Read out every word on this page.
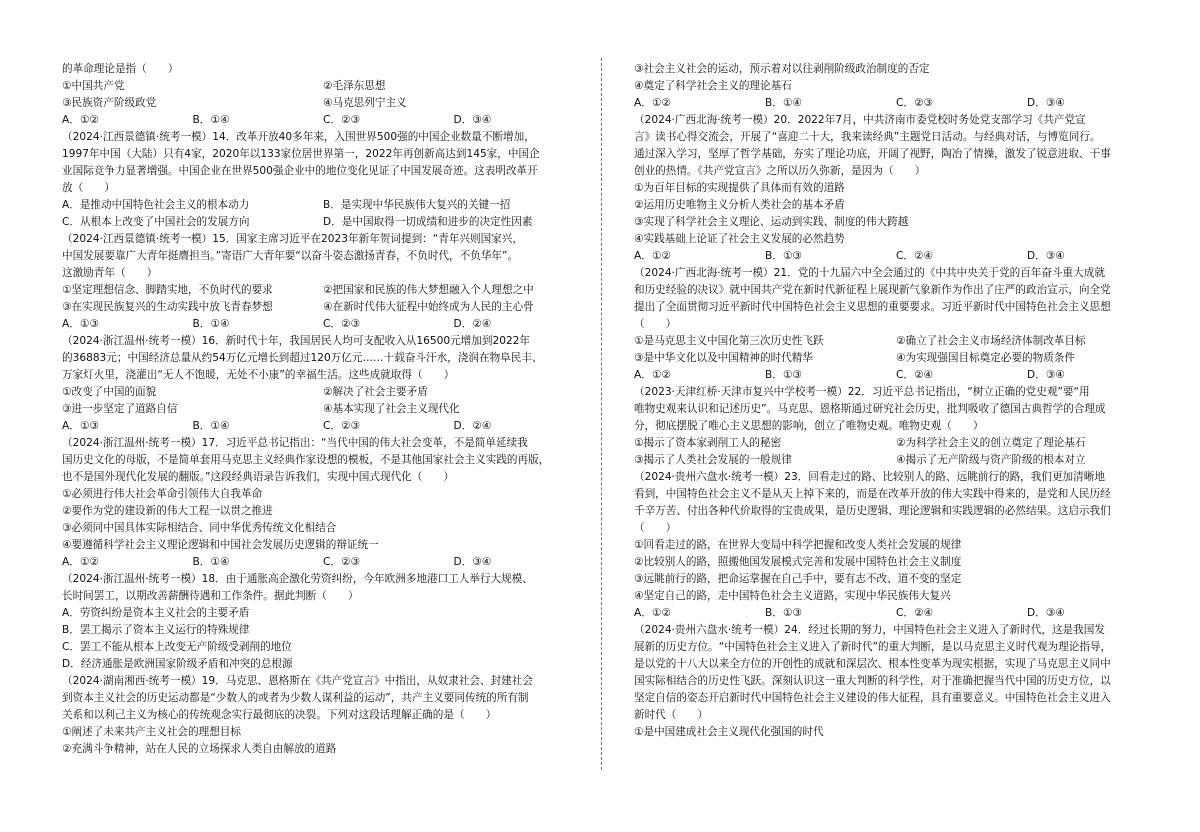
的革命理论是指（　　）
①中国共产党	②毛泽东思想
③民族资产阶级政党	④马克思列宁主义
A．①②	B．①④	C．②③	D．③④
（2024·江西景德镇·统考一模）14．改革开放40多年来，入围世界500强的中国企业数量不断增加，
1997年中国（大陆）只有4家，2020年以133家位居世界第一，2022年再创新高达到145家，中国企
业国际竞争力显著增强。中国企业在世界500强企业中的地位变化见证了中国发展奇迹。这表明改革开
放（　　）
A．是推动中国特色社会主义的根本动力	B．是实现中华民族伟大复兴的关键一招
C．从根本上改变了中国社会的发展方向	D．是中国取得一切成绩和进步的决定性因素
（2024·江西景德镇·统考一模）15．国家主席习近平在2023年新年贺词提到：“青年兴则国家兴，
中国发展要靠广大青年挺膺担当。”寄语广大青年要“以奋斗姿态激扬青春，不负时代，不负华年”。
这激励青年（　　）
①坚定理想信念、脚踏实地，不负时代的要求	②把国家和民族的伟大梦想融入个人理想之中
③在实现民族复兴的生动实践中放飞青春梦想	④在新时代伟大征程中始终成为人民的主心骨
A．①③	B．①④	C．②③	D．②④
（2024·浙江温州·统考一模）16．新时代十年，我国居民人均可支配收入从16500元增加到2022年
的36883元；中国经济总量从约54万亿元增长到超过120万亿元……十载奋斗汗水，浇润在物阜民丰、
万家灯火里，浇灌出“无人不饱暖，无处不小康”的幸福生活。这些成就取得（　　）
①改变了中国的面貌	②解决了社会主要矛盾
③进一步坚定了道路自信	④基本实现了社会主义现代化
A．①③	B．①④	C．②③	D．②④
（2024·浙江温州·统考一模）17．习近平总书记指出：“当代中国的伟大社会变革，不是简单延续我
国历史文化的母版，不是简单套用马克思主义经典作家设想的模板，不是其他国家社会主义实践的再版，
也不是国外现代化发展的翻版。”这段经典语录告诉我们，实现中国式现代化（　　）
①必须进行伟大社会革命引领伟大自我革命
②要作为党的建设新的伟大工程一以贯之推进
③必须同中国具体实际相结合、同中华优秀传统文化相结合
④要遵循科学社会主义理论逻辑和中国社会发展历史逻辑的辩证统一
A．①②	B．①④	C．②③	D．③④
（2024·浙江温州·统考一模）18．由于通胀高企激化劳资纠纷，今年欧洲多地港口工人举行大规模、
长时间罢工，以期改善薪酬待遇和工作条件。据此判断（　　）
A．劳资纠纷是资本主义社会的主要矛盾
B．罢工揭示了资本主义运行的特殊规律
C．罢工不能从根本上改变无产阶级受剥削的地位
D．经济通胀是欧洲国家阶级矛盾和冲突的总根源
（2024·湖南湘西·统考一模）19．马克思、恩格斯在《共产党宣言》中指出，从奴隶社会、封建社会
到资本主义社会的历史运动都是“少数人的或者为少数人谋利益的运动”，共产主义要同传统的所有制
关系和以利己主义为核心的传统观念实行最彻底的决裂。下列对这段话理解正确的是（　　）
①阐述了未来共产主义社会的理想目标
②充满斗争精神，站在人民的立场探求人类自由解放的道路
③社会主义社会的运动，预示着对以往剥削阶级政治制度的否定
④奠定了科学社会主义的理论基石
A．①②	B．①④	C．②③	D．③④
（2024·广西北海·统考一模）20．2022年7月，中共济南市委党校时务处党支部学习《共产党宣
言》读书心得交流会，开展了“喜迎二十大，我来读经典”主题党日活动。与经典对话，与博览同行。
通过深入学习，坚厚了哲学基础，夯实了理论功底，开阔了视野，陶冶了情操，激发了锐意进取、干事
创业的热情。《共产党宣言》之所以历久弥新，是因为（　　）
①为百年目标的实现提供了具体而有效的道路
②运用历史唯物主义分析人类社会的基本矛盾
③实现了科学社会主义理论、运动到实践、制度的伟大跨越
④实践基础上论证了社会主义发展的必然趋势
A．①②	B．①③	C．②④	D．③④
（2024·广西北海·统考一模）21．党的十九届六中全会通过的《中共中央关于党的百年奋斗重大成就
和历史经验的决议》就中国共产党在新时代新征程上展现新气象新作为作出了庄严的政治宣示，向全党
提出了全面贯彻习近平新时代中国特色社会主义思想的重要要求。习近平新时代中国特色社会主义思想
（　　）
①是马克思主义中国化第三次历史性飞跃	②确立了社会主义市场经济体制改革目标
③是中华文化以及中国精神的时代精华	④为实现强国目标奠定必要的物质条件
A．①②	B．①③	C．②④	D．③④
（2023·天津红桥·天津市复兴中学校考一模）22．习近平总书记指出，“树立正确的党史观”要“用
唯物史观来认识和记述历史”。马克思、恩格斯通过研究社会历史，批判吸收了德国古典哲学的合理成
分，彻底摆脱了唯心主义思想的影响，创立了唯物史观。唯物史观（　　）
①揭示了资本家剥削工人的秘密	②为科学社会主义的创立奠定了理论基石
③揭示了人类社会发展的一般规律	④揭示了无产阶级与资产阶级的根本对立
（2024·贵州六盘水·统考一模）23．回看走过的路、比较别人的路、远眺前行的路，我们更加清晰地
看到，中国特色社会主义不是从天上掉下来的，而是在改革开放的伟大实践中得来的，是党和人民历经
千辛万苦、付出各种代价取得的宝贵成果，是历史逻辑、理论逻辑和实践逻辑的必然结果。这启示我们
（　　）
①回看走过的路，在世界大变局中科学把握和改变人类社会发展的规律
②比较别人的路，照搬他国发展模式完善和发展中国特色社会主义制度
③远眺前行的路，把命运掌握在自己手中，要有志不改、道不变的坚定
④坚定自己的路，走中国特色社会主义道路，实现中华民族伟大复兴
A．①②	B．①③	C．②④	D．③④
（2024·贵州六盘水·统考一模）24．经过长期的努力，中国特色社会主义进入了新时代，这是我国发
展新的历史方位。“中国特色社会主义进入了新时代”的重大判断，是以马克思主义时代观为理论指导，
是以党的十八大以来全方位的开创性的成就和深层次、根本性变革为现实根据，实现了马克思主义同中
国实际相结合的历史性飞跃。深刻认识这一重大判断的科学性，对于准确把握当代中国的历史方位，以
坚定自信的姿态开启新时代中国特色社会主义建设的伟大征程，具有重要意义。中国特色社会主义进入
新时代（　　）
①是中国建成社会主义现代化强国的时代
